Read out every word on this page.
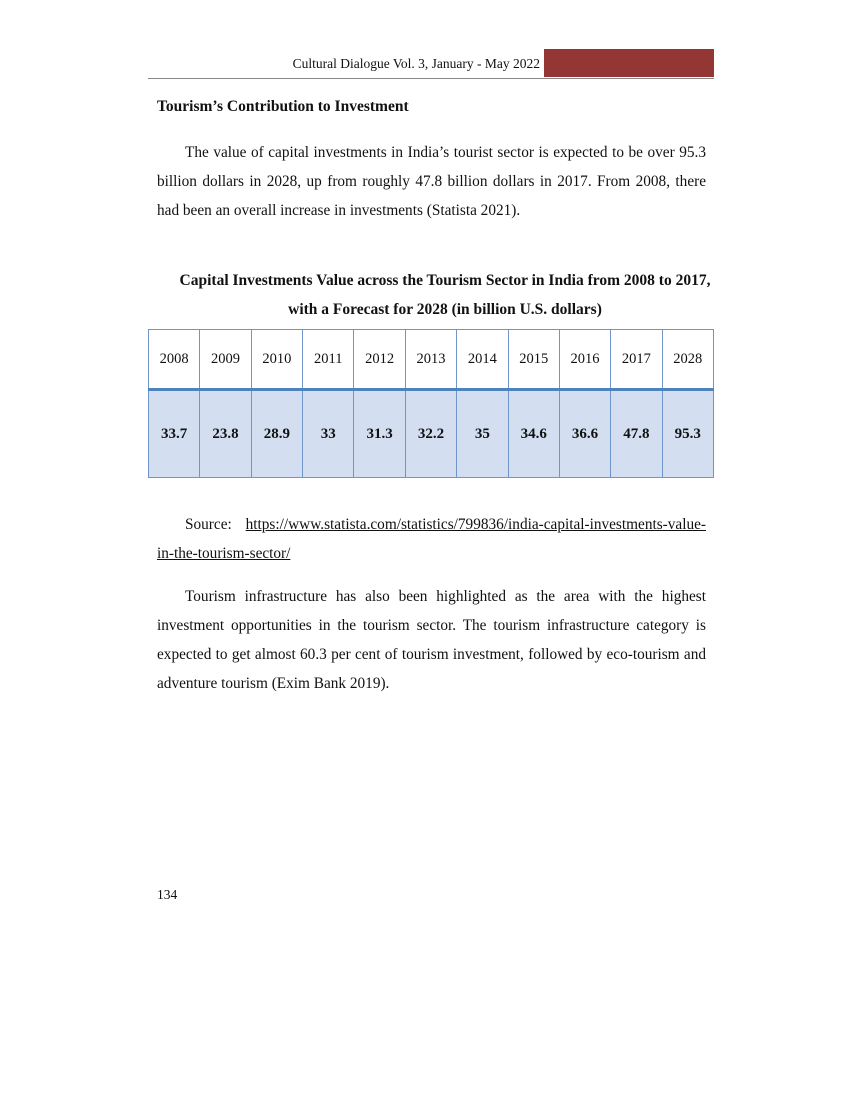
Cultural Dialogue Vol. 3, January - May 2022
Tourism’s Contribution to Investment

The value of capital investments in India’s tourist sector is expected to be over 95.3 billion dollars in 2028, up from roughly 47.8 billion dollars in 2017. From 2008, there had been an overall increase in investments (Statista 2021).

Capital Investments Value across the Tourism Sector in India from 2008 to 2017, with a Forecast for 2028 (in billion U.S. dollars)

2008	2009	2010	2011	2012	2013	2014	2015	2016	2017	2028
33.7	23.8	28.9	33	31.3	32.2	35	34.6	36.6	47.8	95.3

Source: https://www.statista.com/statistics/799836/india-capital-investments-value-in-the-tourism-sector/

Tourism infrastructure has also been highlighted as the area with the highest investment opportunities in the tourism sector. The tourism infrastructure category is expected to get almost 60.3 per cent of tourism investment, followed by eco-tourism and adventure tourism (Exim Bank 2019).

134
